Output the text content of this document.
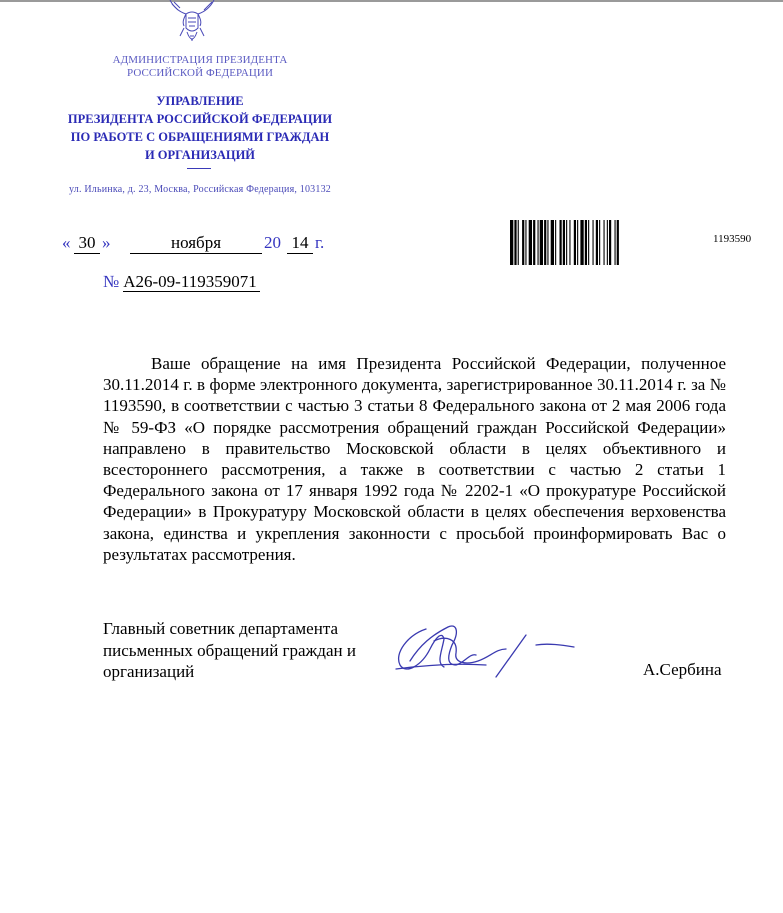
АДМИНИСТРАЦИЯ ПРЕЗИДЕНТА
РОССИЙСКОЙ ФЕДЕРАЦИИ
УПРАВЛЕНИЕ
ПРЕЗИДЕНТА РОССИЙСКОЙ ФЕДЕРАЦИИ
ПО РАБОТЕ С ОБРАЩЕНИЯМИ ГРАЖДАН
И ОРГАНИЗАЦИЙ
ул. Ильинка, д. 23, Москва, Российская Федерация, 103132
« 30 »	ноября	20 14 г.
№ А26-09-119359071
1193590
Ваше обращение на имя Президента Российской Федерации, полученное 30.11.2014 г. в форме электронного документа, зарегистрированное 30.11.2014 г. за № 1193590, в соответствии с частью 3 статьи 8 Федерального закона от 2 мая 2006 года № 59-ФЗ «О порядке рассмотрения обращений граждан Российской Федерации» направлено в правительство Московской области в целях объективного и всестороннего рассмотрения, а также в соответствии с частью 2 статьи 1 Федерального закона от 17 января 1992 года № 2202-1 «О прокуратуре Российской Федерации» в Прокуратуру Московской области в целях обеспечения верховенства закона, единства и укрепления законности с просьбой проинформировать Вас о результатах рассмотрения.
Главный советник департамента
письменных обращений граждан и
организаций	А.Сербина
